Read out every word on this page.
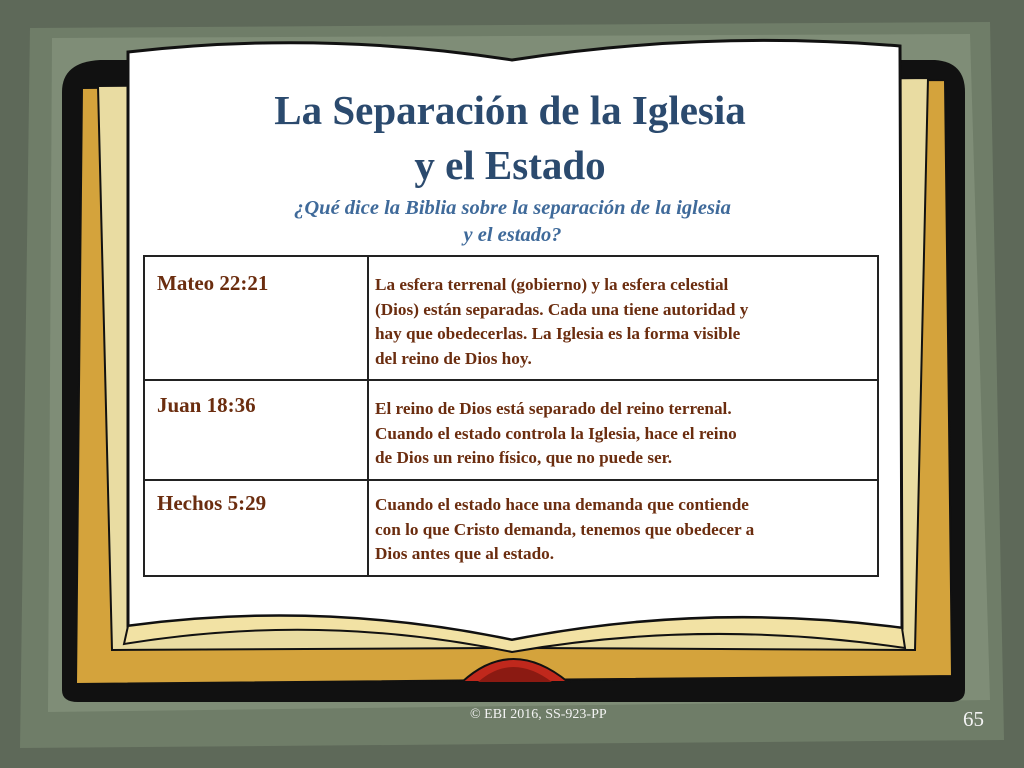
La Separación de la Iglesia
y el Estado
¿Qué dice la Biblia sobre la separación de la iglesia
y el estado?
Mateo 22:21	La esfera terrenal (gobierno) y la esfera celestial
(Dios) están separadas. Cada una tiene autoridad y
hay que obedecerlas. La Iglesia es la forma visible
del reino de Dios hoy.
Juan 18:36	El reino de Dios está separado del reino terrenal.
Cuando el estado controla la Iglesia, hace el reino
de Dios un reino físico, que no puede ser.
Hechos 5:29	Cuando el estado hace una demanda que contiende
con lo que Cristo demanda, tenemos que obedecer a
Dios antes que al estado.
© EBI 2016, SS-923-PP	65
